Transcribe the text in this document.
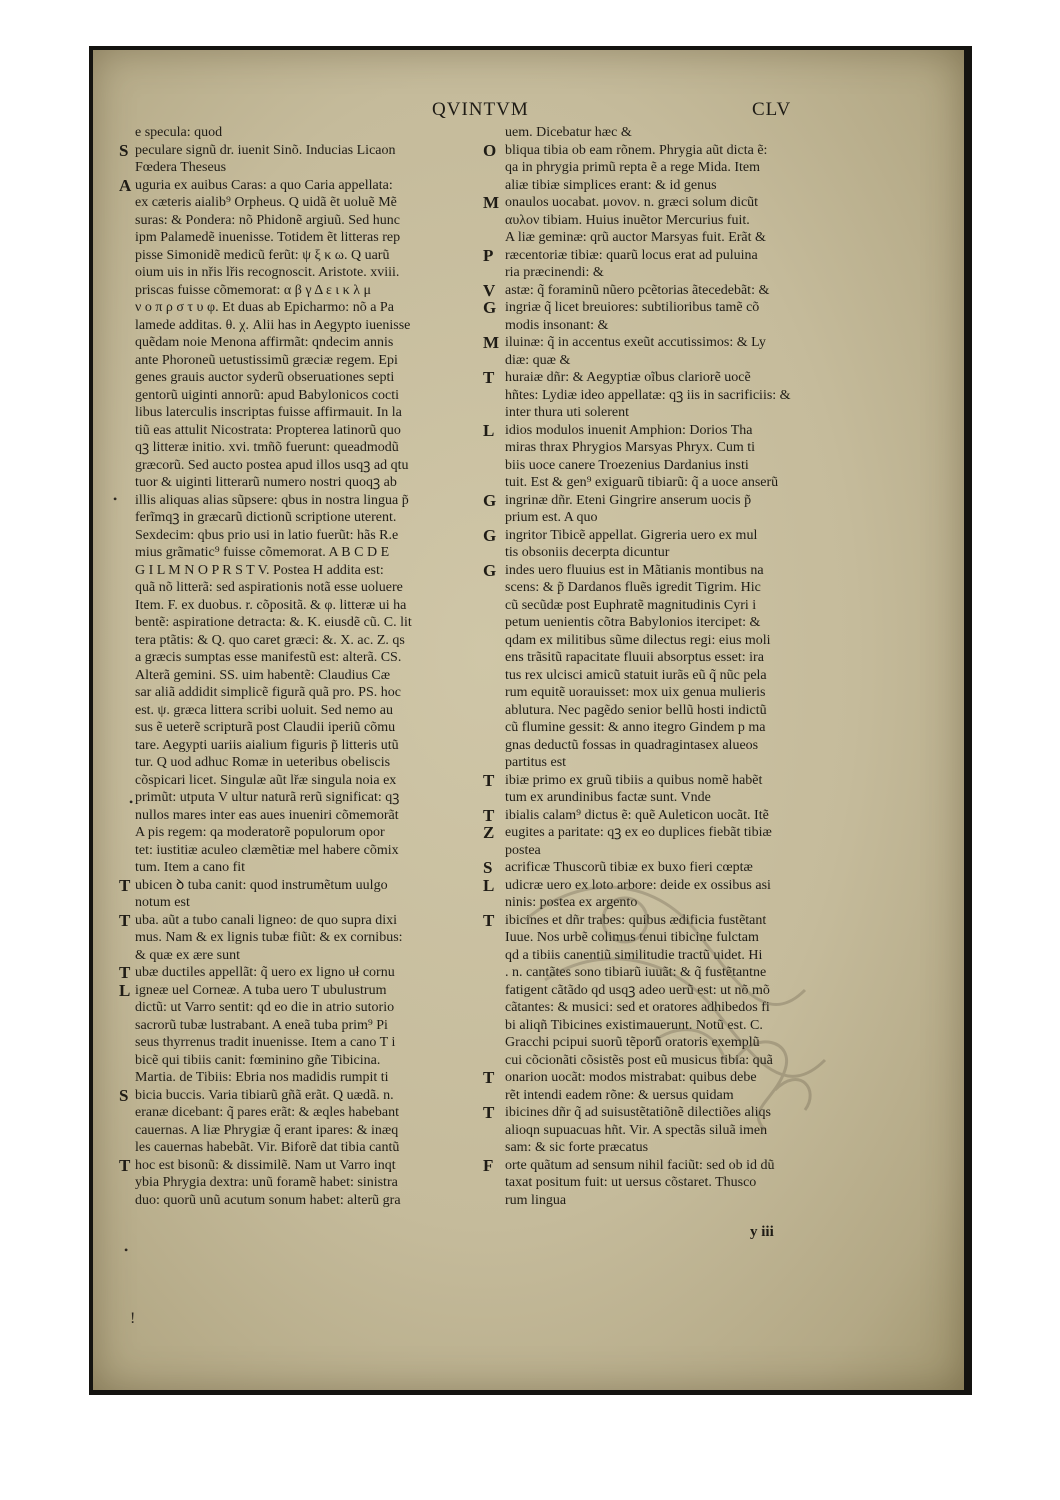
QVINTVM	CLV
e specula: quod
peculare signũ dr. iuenit Sinõ. Inducias Licaon
Fœdera Theseus
uguria ex auibus Caras: a quo Caria appellata:
ex cæteris aialib⁹ Orpheus. Q uidã ẽt uoluẽ Mẽ
suras: & Pondera: nõ Phidonẽ argiuũ. Sed hunc
ipm Palamedẽ inuenisse. Totidem ẽt litteras rep
pisse Simonidẽ medicũ ferũt: ψ ξ κ ω. Q uarũ
oium uis in nřis lřis recognoscit. Aristote. xviii.
priscas fuisse cõmemorat: α β γ Δ ε ι κ λ μ
ν ο π ρ σ τ υ φ. Et duas ab Epicharmo: nõ a Pa
lamede additas. θ. χ. Alii has in Aegypto iuenisse
quẽdam noie Menona affirmãt: qndecim annis
ante Phoroneũ uetustissimũ græciæ regem. Epi
genes grauis auctor syderũ obseruationes septi
gentorũ uiginti annorũ: apud Babylonicos cocti
libus laterculis inscriptas fuisse affirmauit. In la
tiũ eas attulit Nicostrata: Propterea latinorũ quo
qꝫ litteræ initio. xvi. tmñõ fuerunt: queadmodũ
græcorũ. Sed aucto postea apud illos usqꝫ ad qtu
tuor & uiginti litterarũ numero nostri quoqꝫ ab
illis aliquas alias sũpsere: qbus in nostra lingua p̃
ferĩmqꝫ in græcarũ dictionũ scriptione uterent.
Sexdecim: qbus prio usi in latio fuerũt: hãs R.e
mius grãmatic⁹ fuisse cõmemorat. A B C D E
G I L M N O P R S T V. Postea H addita est:
quã nõ litterã: sed aspirationis notã esse uoluere
Item. F. ex duobus. r. cõpositã. & φ. litteræ ui ha
bentẽ: aspiratione detracta: &. K. eiusdẽ cũ. C. lit
tera ptãtis: & Q. quo caret græci: &. X. ac. Z. qs
a græcis sumptas esse manifestũ est: alterã. CS.
Alterã gemini. SS. uim habentẽ: Claudius Cæ
sar aliã addidit simplicẽ figurã quã pro. PS. hoc
est. ψ. græca littera scribi uoluit. Sed nemo au
sus ẽ ueterẽ scripturã post Claudii iperiũ cõmu
tare. Aegypti uariis aialium figuris p̃ litteris utũ
tur. Q uod adhuc Romæ in ueteribus obeliscis
cõspicari licet. Singulæ aũt lřæ singula noia ex
primũt: utputa V ultur naturã rerũ significat: qꝫ
nullos mares inter eas aues inueniri cõmemorãt
A pis regem: qa moderatorẽ populorum opor
tet: iustitiæ aculeo clæmẽtiæ mel habere cõmix
tum. Item a cano fit
ubicen ꝺ tuba canit: quod instrumẽtum uulgo
notum est
uba. aũt a tubo canali ligneo: de quo supra dixi
mus. Nam & ex lignis tubæ fiũt: & ex cornibus:
& quæ ex ære sunt
ubæ ductiles appellãt: q̃ uero ex ligno uł cornu
igneæ uel Corneæ. A tuba uero T ubulustrum
dictũ: ut Varro sentit: qd eo die in atrio sutorio
sacrorũ tubæ lustrabant. A eneã tuba prim⁹ Pi
seus thyrrenus tradit inuenisse. Item a cano T i
bicẽ qui tibiis canit: fœminino gñe Tibicina.
Martia. de Tibiis: Ebria nos madidis rumpit ti
bicia buccis. Varia tibiarũ gñã erãt. Q uædã. n.
eranæ dicebant: q̃ pares erãt: & æqles habebant
cauernas. A liæ Phrygiæ q̃ erant ipares: & inæq
les cauernas habebãt. Vir. Biforẽ dat tibia cantũ
hoc est bisonũ: & dissimilẽ. Nam ut Varro inqt
ybia Phrygia dextra: unũ foramẽ habet: sinistra
duo: quorũ unũ acutum sonum habet: alterũ gra
S
A
T
T
T
L
S
T
uem. Dicebatur hæc &
bliqua tibia ob eam rõnem. Phrygia aũt dicta ẽ:
qa in phrygia primũ repta ẽ a rege Mida. Item
aliæ tibiæ simplices erant: & id genus
onaulos uocabat. μονον. n. græci solum dicũt
αυλον tibiam. Huius inuẽtor Mercurius fuit.
A liæ geminæ: qrũ auctor Marsyas fuit. Erãt &
ræcentoriæ tibiæ: quarũ locus erat ad puluina
ria præcinendi: &
astæ: q̃ foraminũ nũero pcẽtorias ãtecedebãt: &
ingriæ q̃ licet breuiores: subtilioribus tamẽ cõ
modis insonant: &
iluinæ: q̃ in accentus exeũt accutissimos: & Ly
diæ: quæ &
huraiæ dñr: & Aegyptiæ oĩbus clariorẽ uocẽ
hñtes: Lydiæ ideo appellatæ: qꝫ iis in sacrificiis: &
inter thura uti solerent
idios modulos inuenit Amphion: Dorios Tha
miras thrax Phrygios Marsyas Phryx. Cum ti
biis uoce canere Troezenius Dardanius insti
tuit. Est & gen⁹ exiguarũ tibiarũ: q̃ a uoce anserũ
ingrinæ dñr. Eteni Gingrire anserum uocis p̃
prium est. A quo
ingritor Tibicẽ appellat. Gigreria uero ex mul
tis obsoniis decerpta dicuntur
indes uero fluuius est in Mãtianis montibus na
scens: & p̃ Dardanos fluẽs igredit Tigrim. Hic
cũ secũdæ post Euphratẽ magnitudinis Cyri i
petum uenientis cõtra Babylonios itercipet: &
qdam ex militibus sũme dilectus regi: eius moli
ens trãsitũ rapacitate fluuii absorptus esset: ira
tus rex ulcisci amicũ statuit iurãs eũ q̃ nũc pela
rum equitẽ uorauisset: mox uix genua mulieris
ablutura. Nec pagẽdo senior bellũ hosti indictũ
cũ flumine gessit: & anno itegro Gindem p ma
gnas deductũ fossas in quadragintasex alueos
partitus est
ibiæ primo ex gruũ tibiis a quibus nomẽ habẽt
tum ex arundinibus factæ sunt. Vnde
ibialis calam⁹ dictus ẽ: quẽ Auleticon uocãt. Itẽ
eugites a paritate: qꝫ ex eo duplices fiebãt tibiæ
postea
acrificæ Thuscorũ tibiæ ex buxo fieri cœptæ
udicræ uero ex loto arbore: deide ex ossibus asi
ninis: postea ex argento
ibicines et dñr trabes: quibus ædificia fustẽtant
Iuue. Nos urbẽ colimus tenui tibicine fulctam
qd a tibiis canentiũ similitudie tractũ uidet. Hi
. n. cantãtes sono tibiarũ iuuãt: & q̃ fustẽtantne
fatigent cãtãdo qd usqꝫ adeo uerũ est: ut nõ mõ
cãtantes: & musici: sed et oratores adhibedos fi
bi aliqñ Tibicines existimauerunt. Notũ est. C.
Gracchi pcipui suorũ tẽporũ oratoris exemplũ
cui cõcionãti cõsistẽs post eũ musicus tibia: quã
onarion uocãt: modos mistrabat: quibus debe
rẽt intendi eadem rõne: & uersus quidam
ibicines dñr q̃ ad suisustẽtatiõnẽ dilectiões aliqs
alioqn supuacuas hñt. Vir. A spectãs siluã imen
sam: & sic forte præcatus
orte quãtum ad sensum nihil faciũt: sed ob id dũ
taxat positum fuit: ut uersus cõstaret. Thusco
rum lingua
O
M
P
V
G
M
T
L
G
G
G
T
T
Z
S
L
T
T
T
F
•
•
•
!
y iii
